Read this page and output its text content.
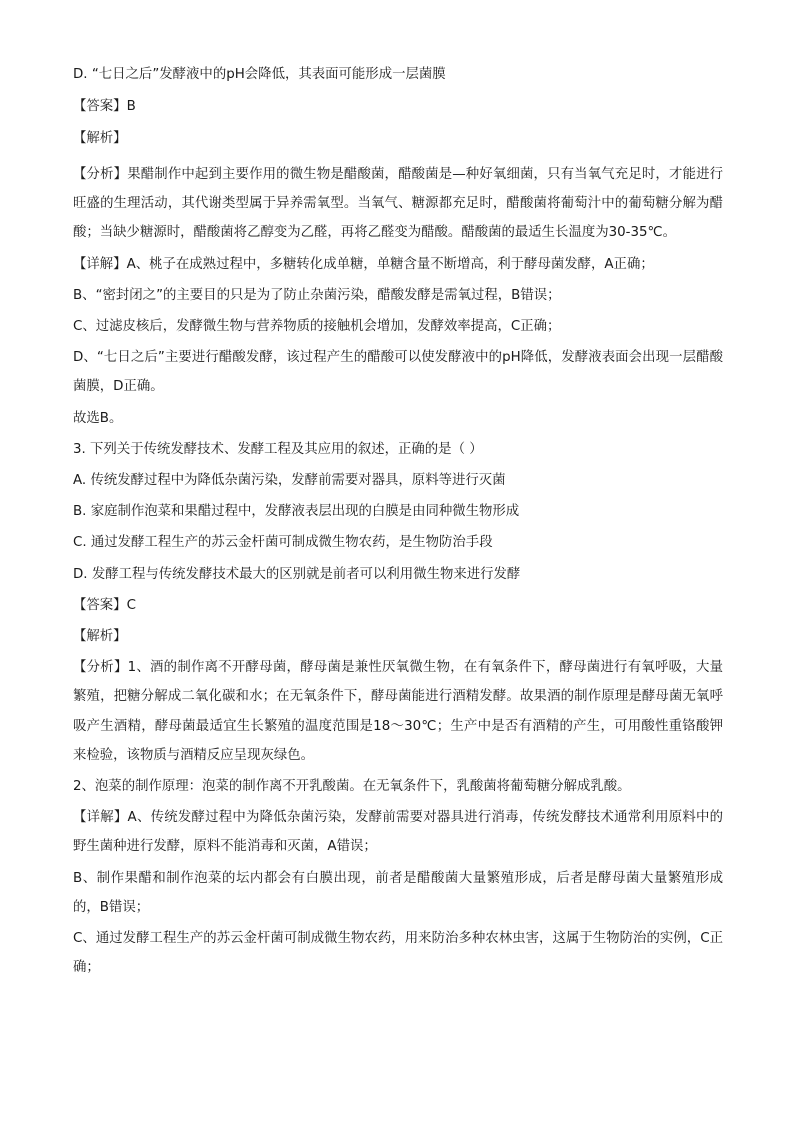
D. “七日之后”发酵液中的pH会降低，其表面可能形成一层菌膜
【答案】B
【解析】
【分析】果醋制作中起到主要作用的微生物是醋酸菌，醋酸菌是—种好氧细菌，只有当氧气充足时，才能进行旺盛的生理活动，其代谢类型属于异养需氧型。当氧气、糖源都充足时，醋酸菌将葡萄汁中的葡萄糖分解为醋酸；当缺少糖源时，醋酸菌将乙醇变为乙醛，再将乙醛变为醋酸。醋酸菌的最适生长温度为30-35℃。
【详解】A、桃子在成熟过程中，多糖转化成单糖，单糖含量不断增高，利于酵母菌发酵，A正确；
B、“密封闭之”的主要目的只是为了防止杂菌污染，醋酸发酵是需氧过程，B错误；
C、过滤皮核后，发酵微生物与营养物质的接触机会增加，发酵效率提高，C正确；
D、“七日之后”主要进行醋酸发酵，该过程产生的醋酸可以使发酵液中的pH降低，发酵液表面会出现一层醋酸菌膜，D正确。
故选B。
3. 下列关于传统发酵技术、发酵工程及其应用的叙述，正确的是（ ）
A. 传统发酵过程中为降低杂菌污染，发酵前需要对器具，原料等进行灭菌
B. 家庭制作泡菜和果醋过程中，发酵液表层出现的白膜是由同种微生物形成
C. 通过发酵工程生产的苏云金杆菌可制成微生物农药，是生物防治手段
D. 发酵工程与传统发酵技术最大的区别就是前者可以利用微生物来进行发酵
【答案】C
【解析】
【分析】1、酒的制作离不开酵母菌，酵母菌是兼性厌氧微生物，在有氧条件下，酵母菌进行有氧呼吸，大量繁殖，把糖分解成二氧化碳和水；在无氧条件下，酵母菌能进行酒精发酵。故果酒的制作原理是酵母菌无氧呼吸产生酒精，酵母菌最适宜生长繁殖的温度范围是18～30℃；生产中是否有酒精的产生，可用酸性重铬酸钾来检验，该物质与酒精反应呈现灰绿色。
2、泡菜的制作原理：泡菜的制作离不开乳酸菌。在无氧条件下，乳酸菌将葡萄糖分解成乳酸。
【详解】A、传统发酵过程中为降低杂菌污染，发酵前需要对器具进行消毒，传统发酵技术通常利用原料中的野生菌种进行发酵，原料不能消毒和灭菌，A错误；
B、制作果醋和制作泡菜的坛内都会有白膜出现，前者是醋酸菌大量繁殖形成，后者是酵母菌大量繁殖形成的，B错误；
C、通过发酵工程生产的苏云金杆菌可制成微生物农药，用来防治多种农林虫害，这属于生物防治的实例，C正确；
